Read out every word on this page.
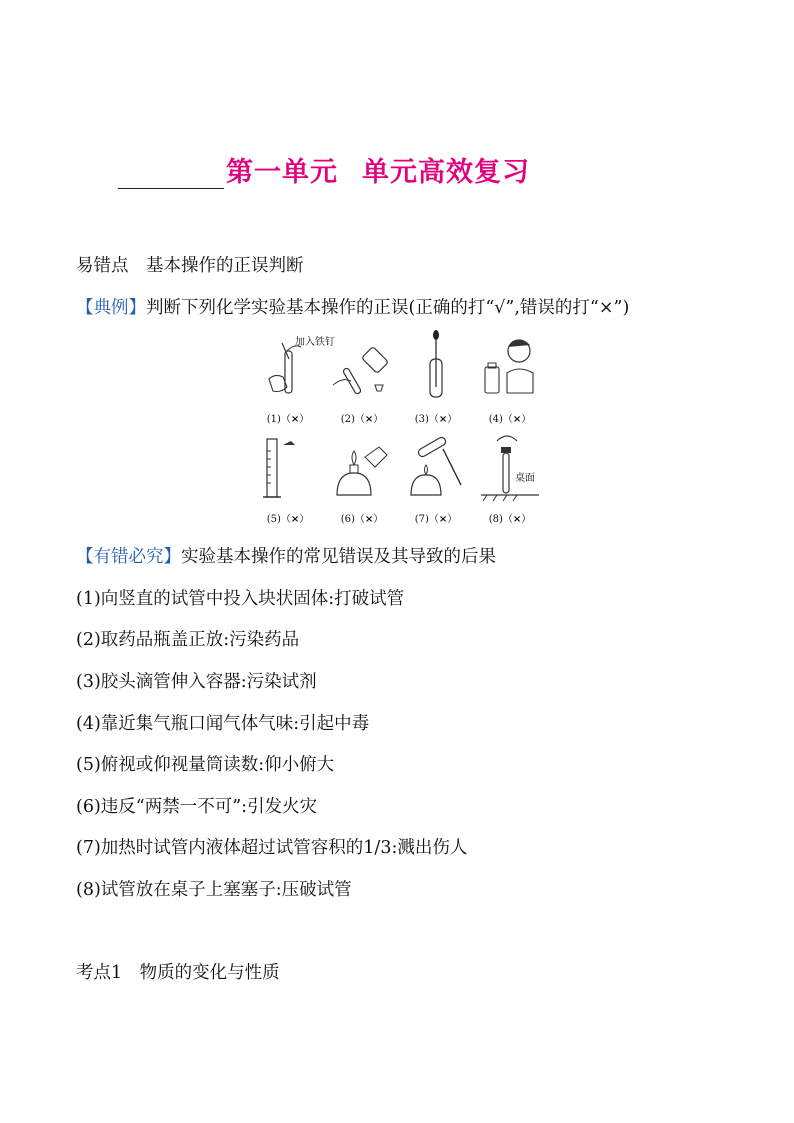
第一单元 单元高效复习
易错点　基本操作的正误判断
【典例】判断下列化学实验基本操作的正误(正确的打“√”,错误的打“×”)
加入铁钉
(1)（×）	(2)（×）	(3)（×）	(4)（×）
(5)（×）	(6)（×）	(7)（×）
桌面
(8)（×）
【有错必究】实验基本操作的常见错误及其导致的后果
(1)向竖直的试管中投入块状固体:打破试管
(2)取药品瓶盖正放:污染药品
(3)胶头滴管伸入容器:污染试剂
(4)靠近集气瓶口闻气体气味:引起中毒
(5)俯视或仰视量筒读数:仰小俯大
(6)违反“两禁一不可”:引发火灾
(7)加热时试管内液体超过试管容积的1/3:溅出伤人
(8)试管放在桌子上塞塞子:压破试管
考点1　物质的变化与性质
